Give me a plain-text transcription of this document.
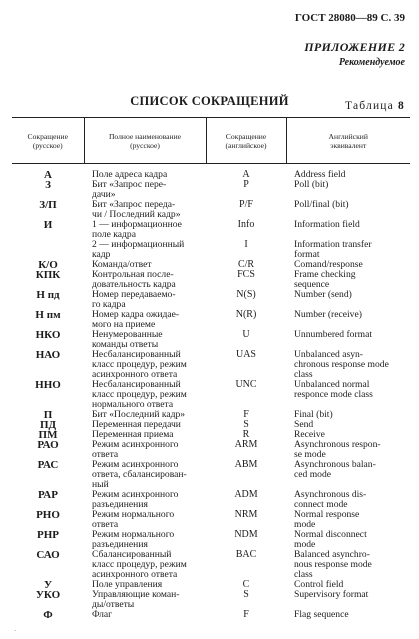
ГОСТ 28080—89 С. 39
ПРИЛОЖЕНИЕ 2
Рекомендуемое
СПИСОК СОКРАЩЕНИЙ	Таблица 8
Сокращение
(русское)	Полное наименование
(русское)	Сокращение
(английское)	Английский
эквивалент

А	Поле адреса кадра	A	Address field
З	Бит «Запрос пере-
дачи»	P	Poll (bit)
З/П	Бит «Запрос переда-
чи / Последний кадр»	P/F	Poll/final (bit)
И	1 — информационное
поле кадра	Info	Information field
	2 — информационный
кадр	I	Information transfer
format
К/О	Команда/ответ	C/R	Comand/response
КПК	Контрольная после-
довательность кадра	FCS	Frame checking
sequence
Н пд	Номер передаваемо-
го кадра	N(S)	Number (send)
Н пм	Номер кадра ожидае-
мого на приеме	N(R)	Number (receive)
НКО	Ненумерованные
команды ответы	U	Unnumbered format
НАО	Несбалансированный
класс процедур, режим
асинхронного ответа	UAS	Unbalanced asyn-
chronous response mode
class
ННО	Несбалансированный
класс процедур, режим
нормального ответа	UNC	Unbalanced normal
responce mode class
П	Бит «Последний кадр»	F	Final (bit)
ПД	Переменная передачи	S	Send
ПМ	Переменная приема	R	Receive
РАО	Режим асинхронного
ответа	ARM	Asynchronous respon-
se mode
РАС	Режим асинхронного
ответа, сбалансирован-
ный	ABM	Asynchronous balan-
ced mode
РАР	Режим асинхронного
разъединения	ADM	Asynchronous dis-
connect mode
РНО	Режим нормального
ответа	NRM	Normal response
mode
РНР	Режим нормального
разъединения	NDM	Normal disconnect
mode
САО	Сбалансированный
класс процедур, режим
асинхронного ответа	BAC	Balanced asynchro-
nous response mode
class
У	Поле управления	C	Control field
УКО	Управляющие коман-
ды/ответы	S	Supervisory format
Ф	Флаг	F	Flag sequence
·
